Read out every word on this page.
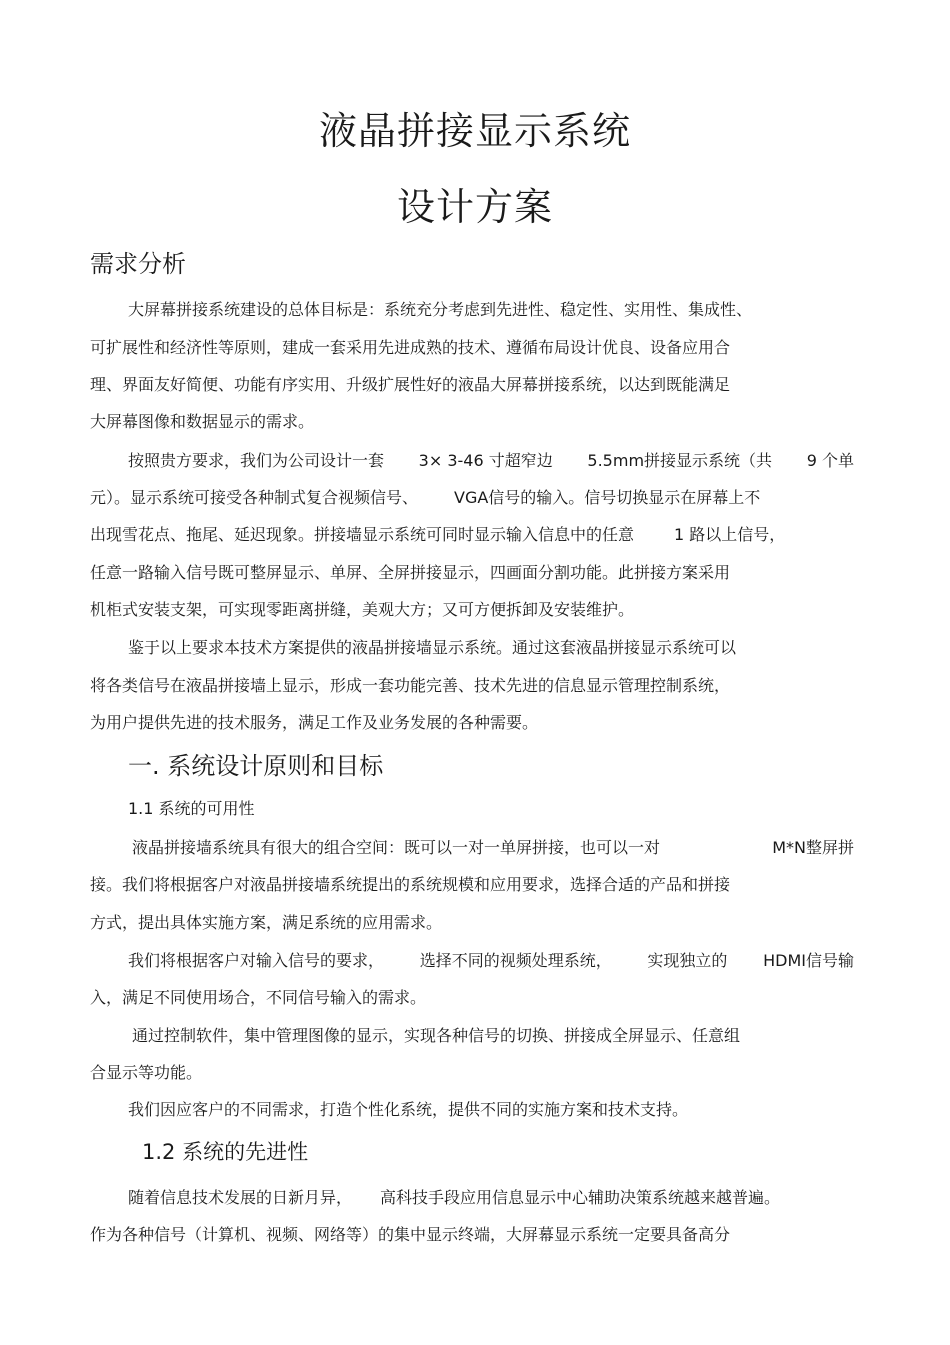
液晶拼接显示系统
设计方案
需求分析

大屏幕拼接系统建设的总体目标是：系统充分考虑到先进性、稳定性、实用性、集成性、

可扩展性和经济性等原则，建成一套采用先进成熟的技术、遵循布局设计优良、设备应用合

理、界面友好简便、功能有序实用、升级扩展性好的液晶大屏幕拼接系统，以达到既能满足

大屏幕图像和数据显示的需求。

按照贵方要求，我们为公司设计一套 3× 3-46 寸超窄边 5.5mm拼接显示系统（共 9 个单
元）。显示系统可接受各种制式复合视频信号、 VGA信号的输入。信号切换显示在屏幕上不
出现雪花点、拖尾、延迟现象。拼接墙显示系统可同时显示输入信息中的任意	1 路以上信号，

任意一路输入信号既可整屏显示、单屏、全屏拼接显示，四画面分割功能。此拼接方案采用

机柜式安装支架，可实现零距离拼缝，美观大方；又可方便拆卸及安装维护。

鉴于以上要求本技术方案提供的液晶拼接墙显示系统。通过这套液晶拼接显示系统可以

将各类信号在液晶拼接墙上显示，形成一套功能完善、技术先进的信息显示管理控制系统，

为用户提供先进的技术服务，满足工作及业务发展的各种需要。

一. 系统设计原则和目标
1.1 系统的可用性
液晶拼接墙系统具有很大的组合空间：既可以一对一单屏拼接，也可以一对	M*N整屏拼

接。我们将根据客户对液晶拼接墙系统提出的系统规模和应用要求，选择合适的产品和拼接

方式，提出具体实施方案，满足系统的应用需求。

我们将根据客户对输入信号的要求， 选择不同的视频处理系统， 实现独立的 HDMI信号输

入，满足不同使用场合，不同信号输入的需求。

通过控制软件，集中管理图像的显示，实现各种信号的切换、拼接成全屏显示、任意组

合显示等功能。

我们因应客户的不同需求，打造个性化系统，提供不同的实施方案和技术支持。

1.2 系统的先进性
随着信息技术发展的日新月异， 高科技手段应用信息显示中心辅助决策系统越来越普遍。

作为各种信号（计算机、视频、网络等）的集中显示终端，大屏幕显示系统一定要具备高分
